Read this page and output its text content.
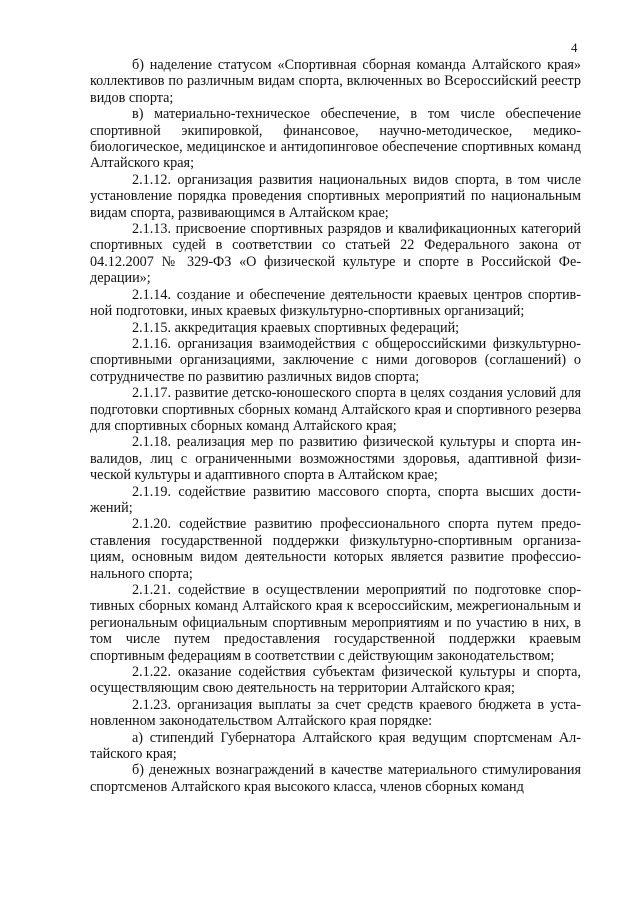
4

б) наделение статусом «Спортивная сборная команда Алтайского края» коллективов по различным видам спорта, включенных во Всероссийский реестр видов спорта;

в) материально-техническое обеспечение, в том числе обеспечение спортивной экипировкой, финансовое, научно-методическое, медико-биологическое, медицинское и антидопинговое обеспечение спортивных команд Алтайского края;

2.1.12. организация развития национальных видов спорта, в том числе установление порядка проведения спортивных мероприятий по национальным видам спорта, развивающимся в Алтайском крае;

2.1.13. присвоение спортивных разрядов и квалификационных категорий спортивных судей в соответствии со статьей 22 Федерального закона от 04.12.2007 № 329-ФЗ «О физической культуре и спорте в Российской Федерации»;

2.1.14. создание и обеспечение деятельности краевых центров спортивной подготовки, иных краевых физкультурно-спортивных организаций;

2.1.15. аккредитация краевых спортивных федераций;

2.1.16. организация взаимодействия с общероссийскими физкультурно-спортивными организациями, заключение с ними договоров (соглашений) о сотрудничестве по развитию различных видов спорта;

2.1.17. развитие детско-юношеского спорта в целях создания условий для подготовки спортивных сборных команд Алтайского края и спортивного резерва для спортивных сборных команд Алтайского края;

2.1.18. реализация мер по развитию физической культуры и спорта инвалидов, лиц с ограниченными возможностями здоровья, адаптивной физической культуры и адаптивного спорта в Алтайском крае;

2.1.19. содействие развитию массового спорта, спорта высших достижений;

2.1.20. содействие развитию профессионального спорта путем предоставления государственной поддержки физкультурно-спортивным организациям, основным видом деятельности которых является развитие профессионального спорта;

2.1.21. содействие в осуществлении мероприятий по подготовке спортивных сборных команд Алтайского края к всероссийским, межрегиональным и региональным официальным спортивным мероприятиям и по участию в них, в том числе путем предоставления государственной поддержки краевым спортивным федерациям в соответствии с действующим законодательством;

2.1.22. оказание содействия субъектам физической культуры и спорта, осуществляющим свою деятельность на территории Алтайского края;

2.1.23. организация выплаты за счет средств краевого бюджета в установленном законодательством Алтайского края порядке:

а) стипендий Губернатора Алтайского края ведущим спортсменам Алтайского края;

б) денежных вознаграждений в качестве материального стимулирования спортсменов Алтайского края высокого класса, членов сборных команд
